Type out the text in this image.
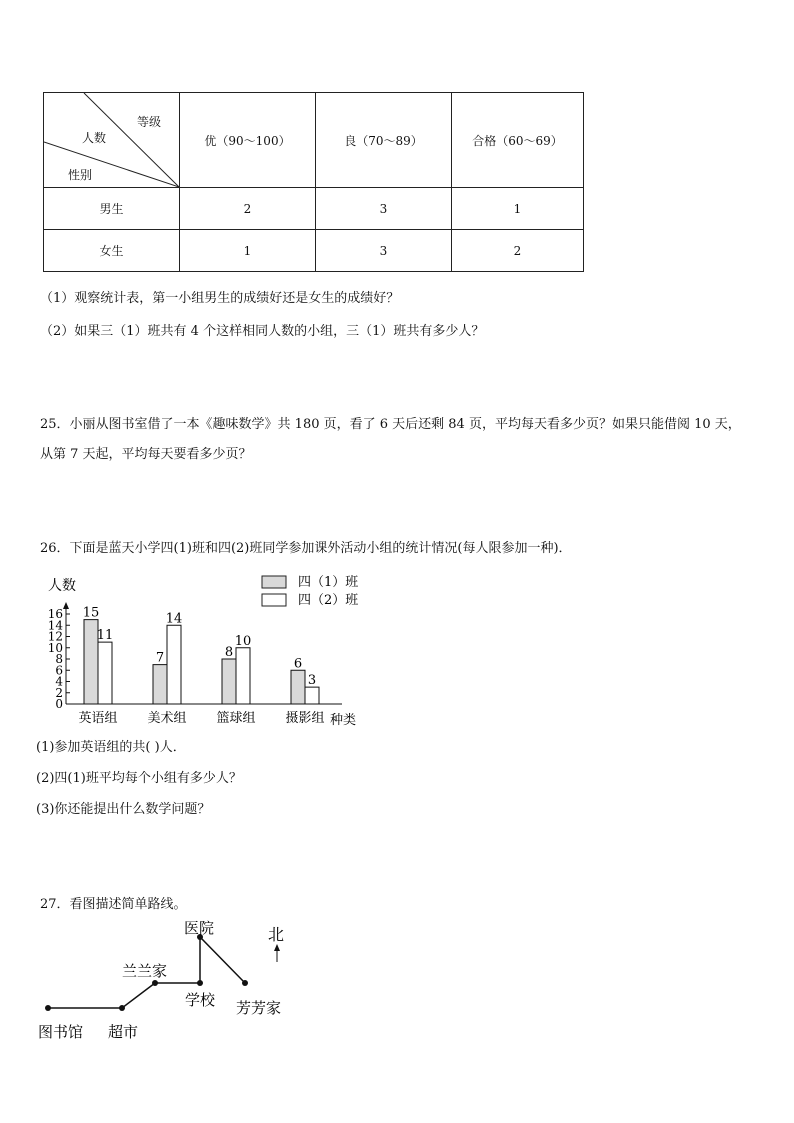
等级
人数
性别	优（90～100）	良（70～89）	合格（60～69）
男生	2	3	1
女生	1	3	2
（1）观察统计表，第一小组男生的成绩好还是女生的成绩好？
（2）如果三（1）班共有 4 个这样相同人数的小组，三（1）班共有多少人？
25．小丽从图书室借了一本《趣味数学》共 180 页，看了 6 天后还剩 84 页，平均每天看多少页？如果只能借阅 10 天，
从第 7 天起，平均每天要看多少页？
26．下面是蓝天小学四(1)班和四(2)班同学参加课外活动小组的统计情况(每人限参加一种)．
人数
种类
0
2
4
6
8
10
12
14
16 15
11
英语组
7
14
美术组
8
10
篮球组
6
3
摄影组
四（1）班
四（2）班
(1)参加英语组的共( )人．
(2)四(1)班平均每个小组有多少人？
(3)你还能提出什么数学问题？
27．看图描述简单路线。
图书馆 超市
兰兰家
医院
学校 芳芳家
北
